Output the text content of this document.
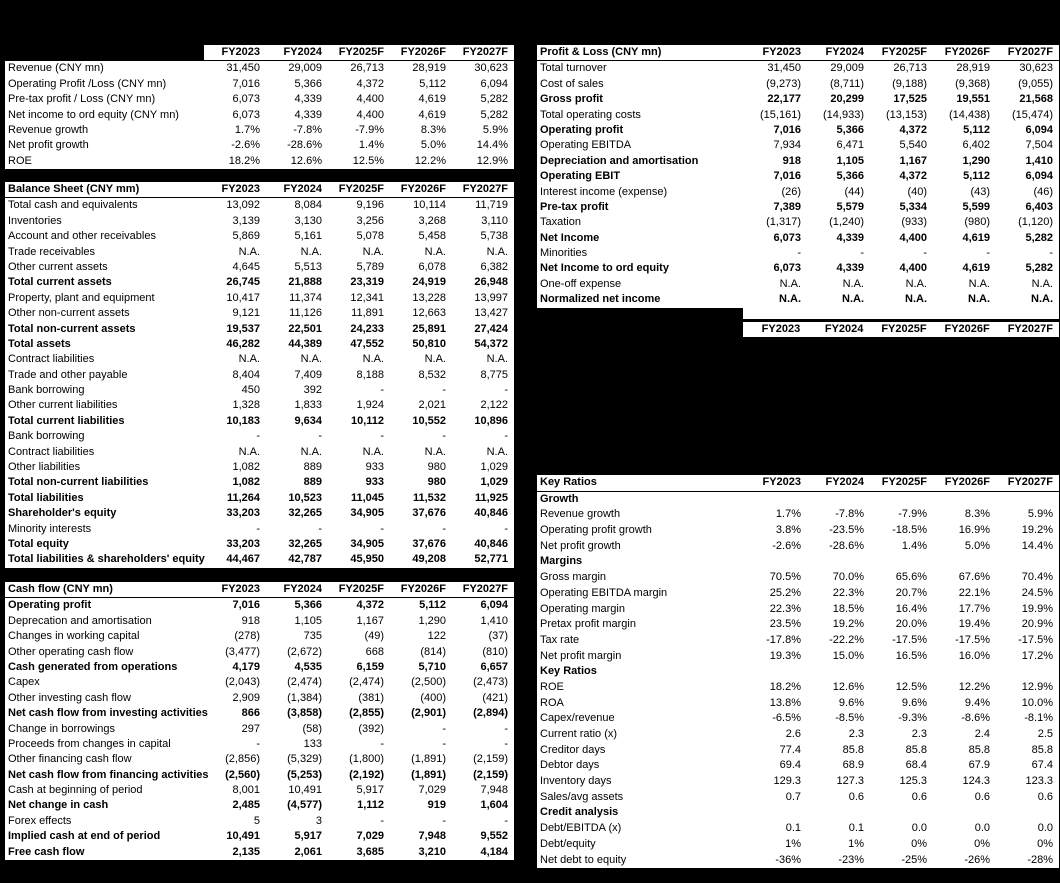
FY2023	FY2024	FY2025F	FY2026F	FY2027F
Revenue (CNY mn)	31,450	29,009	26,713	28,919	30,623
Operating Profit /Loss (CNY mn)	7,016	5,366	4,372	5,112	6,094
Pre-tax profit / Loss (CNY mn)	6,073	4,339	4,400	4,619	5,282
Net income to ord equity (CNY mn)	6,073	4,339	4,400	4,619	5,282
Revenue growth	1.7%	-7.8%	-7.9%	8.3%	5.9%
Net profit growth	-2.6%	-28.6%	1.4%	5.0%	14.4%
ROE	18.2%	12.6%	12.5%	12.2%	12.9%
Balance Sheet (CNY mm)	FY2023	FY2024	FY2025F	FY2026F	FY2027F
Total cash and equivalents	13,092	8,084	9,196	10,114	11,719
Inventories	3,139	3,130	3,256	3,268	3,110
Account and other receivables	5,869	5,161	5,078	5,458	5,738
Trade receivables	N.A.	N.A.	N.A.	N.A.	N.A.
Other current assets	4,645	5,513	5,789	6,078	6,382
Total current assets	26,745	21,888	23,319	24,919	26,948
Property, plant and equipment	10,417	11,374	12,341	13,228	13,997
Other non-current assets	9,121	11,126	11,891	12,663	13,427
Total non-current assets	19,537	22,501	24,233	25,891	27,424
Total assets	46,282	44,389	47,552	50,810	54,372
Contract liabilities	N.A.	N.A.	N.A.	N.A.	N.A.
Trade and other payable	8,404	7,409	8,188	8,532	8,775
Bank borrowing	450	392	-	-	-
Other current liabilities	1,328	1,833	1,924	2,021	2,122
Total current liabilities	10,183	9,634	10,112	10,552	10,896
Bank borrowing	-	-	-	-	-
Contract liabilities	N.A.	N.A.	N.A.	N.A.	N.A.
Other liabilities	1,082	889	933	980	1,029
Total non-current liabilities	1,082	889	933	980	1,029
Total liabilities	11,264	10,523	11,045	11,532	11,925
Shareholder's equity	33,203	32,265	34,905	37,676	40,846
Minority interests	-	-	-	-	-
Total equity	33,203	32,265	34,905	37,676	40,846
Total liabilities & shareholders' equity	44,467	42,787	45,950	49,208	52,771
Cash flow (CNY mn)	FY2023	FY2024	FY2025F	FY2026F	FY2027F
Operating profit	7,016	5,366	4,372	5,112	6,094
Deprecation and amortisation	918	1,105	1,167	1,290	1,410
Changes in working capital	(278)	735	(49)	122	(37)
Other operating cash flow	(3,477)	(2,672)	668	(814)	(810)
Cash generated from operations	4,179	4,535	6,159	5,710	6,657
Capex	(2,043)	(2,474)	(2,474)	(2,500)	(2,473)
Other investing cash flow	2,909	(1,384)	(381)	(400)	(421)
Net cash flow from investing activities	866	(3,858)	(2,855)	(2,901)	(2,894)
Change in borrowings	297	(58)	(392)	-	-
Proceeds from changes in capital	-	133	-	-	-
Other financing cash flow	(2,856)	(5,329)	(1,800)	(1,891)	(2,159)
Net cash flow from financing activities	(2,560)	(5,253)	(2,192)	(1,891)	(2,159)
Cash at beginning of period	8,001	10,491	5,917	7,029	7,948
Net change in cash	2,485	(4,577)	1,112	919	1,604
Forex effects	5	3	-	-	-
Implied cash at end of period	10,491	5,917	7,029	7,948	9,552
Free cash flow	2,135	2,061	3,685	3,210	4,184
Profit & Loss (CNY mn)	FY2023	FY2024	FY2025F	FY2026F	FY2027F
Total turnover	31,450	29,009	26,713	28,919	30,623
Cost of sales	(9,273)	(8,711)	(9,188)	(9,368)	(9,055)
Gross profit	22,177	20,299	17,525	19,551	21,568
Total operating costs	(15,161)	(14,933)	(13,153)	(14,438)	(15,474)
Operating profit	7,016	5,366	4,372	5,112	6,094
Operating EBITDA	7,934	6,471	5,540	6,402	7,504
Depreciation and amortisation	918	1,105	1,167	1,290	1,410
Operating EBIT	7,016	5,366	4,372	5,112	6,094
Interest income (expense)	(26)	(44)	(40)	(43)	(46)
Pre-tax profit	7,389	5,579	5,334	5,599	6,403
Taxation	(1,317)	(1,240)	(933)	(980)	(1,120)
Net Income	6,073	4,339	4,400	4,619	5,282
Minorities	-	-	-	-	-
Net Income to ord equity	6,073	4,339	4,400	4,619	5,282
One-off expense	N.A.	N.A.	N.A.	N.A.	N.A.
Normalized net income	N.A.	N.A.	N.A.	N.A.	N.A.
FY2023	FY2024	FY2025F	FY2026F	FY2027F
Key Ratios	FY2023	FY2024	FY2025F	FY2026F	FY2027F
Growth
Revenue growth	1.7%	-7.8%	-7.9%	8.3%	5.9%
Operating profit growth	3.8%	-23.5%	-18.5%	16.9%	19.2%
Net profit growth	-2.6%	-28.6%	1.4%	5.0%	14.4%
Margins
Gross margin	70.5%	70.0%	65.6%	67.6%	70.4%
Operating EBITDA margin	25.2%	22.3%	20.7%	22.1%	24.5%
Operating margin	22.3%	18.5%	16.4%	17.7%	19.9%
Pretax profit margin	23.5%	19.2%	20.0%	19.4%	20.9%
Tax rate	-17.8%	-22.2%	-17.5%	-17.5%	-17.5%
Net profit margin	19.3%	15.0%	16.5%	16.0%	17.2%
Key Ratios
ROE	18.2%	12.6%	12.5%	12.2%	12.9%
ROA	13.8%	9.6%	9.6%	9.4%	10.0%
Capex/revenue	-6.5%	-8.5%	-9.3%	-8.6%	-8.1%
Current ratio (x)	2.6	2.3	2.3	2.4	2.5
Creditor days	77.4	85.8	85.8	85.8	85.8
Debtor days	69.4	68.9	68.4	67.9	67.4
Inventory days	129.3	127.3	125.3	124.3	123.3
Sales/avg assets	0.7	0.6	0.6	0.6	0.6
Credit analysis
Debt/EBITDA (x)	0.1	0.1	0.0	0.0	0.0
Debt/equity	1%	1%	0%	0%	0%
Net debt to equity	-36%	-23%	-25%	-26%	-28%
